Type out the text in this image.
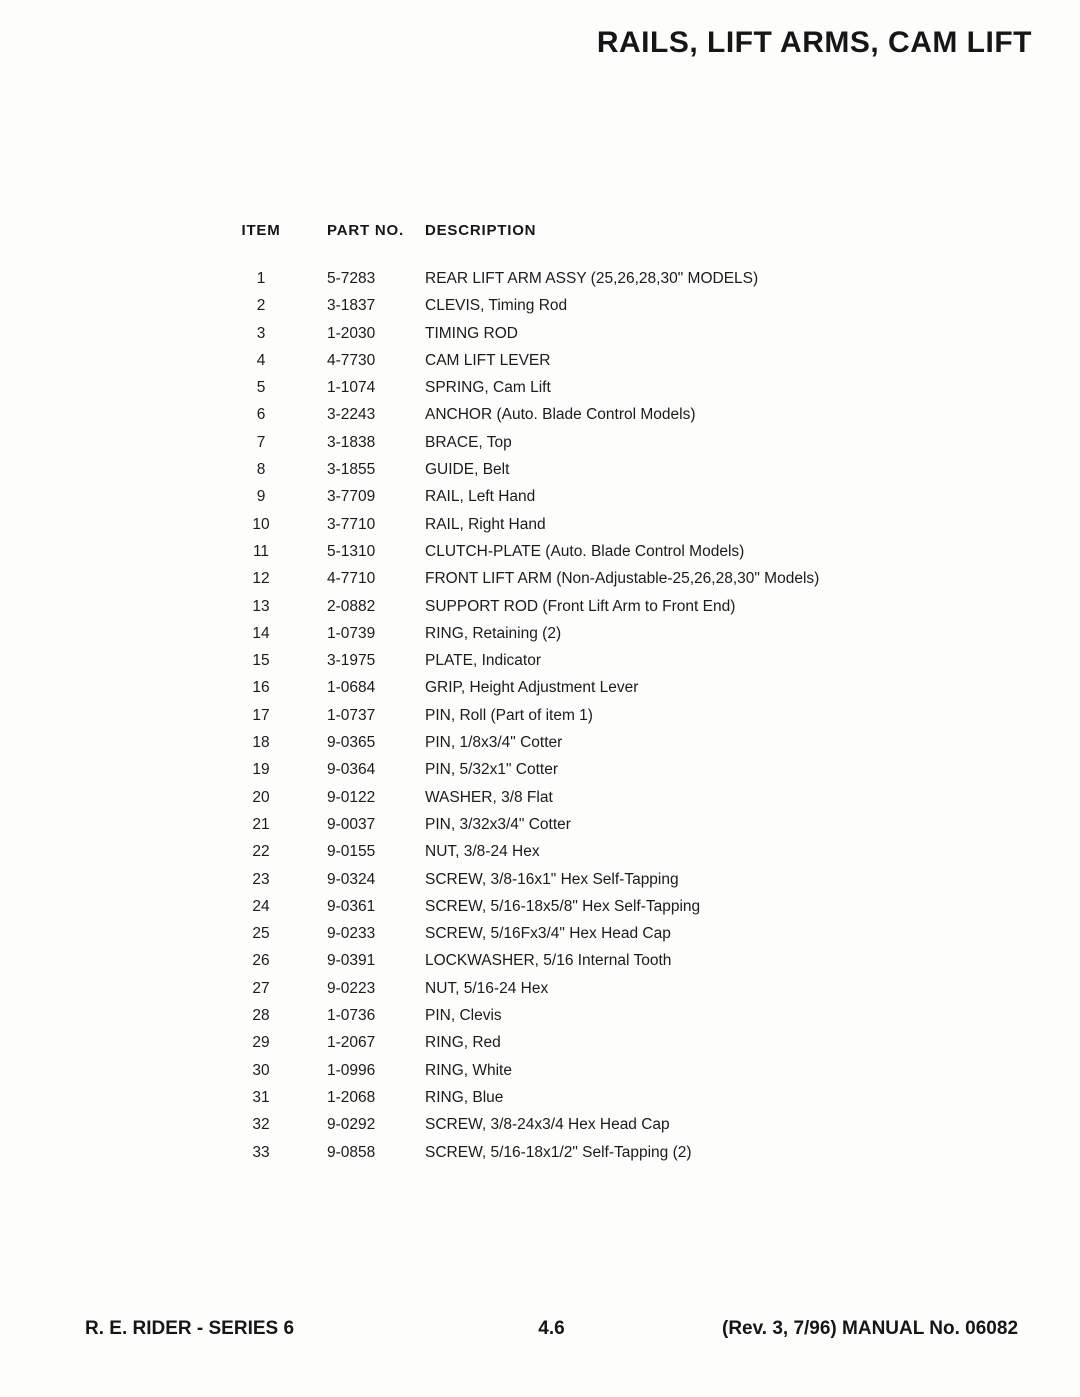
RAILS, LIFT ARMS, CAM LIFT
ITEM	PART NO. DESCRIPTION
1	5-7283	REAR LIFT ARM ASSY (25,26,28,30" MODELS)
2	3-1837	CLEVIS, Timing Rod
3	1-2030	TIMING ROD
4	4-7730	CAM LIFT LEVER
5	1-1074	SPRING, Cam Lift
6	3-2243	ANCHOR (Auto. Blade Control Models)
7	3-1838	BRACE, Top
8	3-1855	GUIDE, Belt
9	3-7709	RAIL, Left Hand
10	3-7710	RAIL, Right Hand
11	5-1310	CLUTCH-PLATE (Auto. Blade Control Models)
12	4-7710	FRONT LIFT ARM (Non-Adjustable-25,26,28,30" Models)
13	2-0882	SUPPORT ROD (Front Lift Arm to Front End)
14	1-0739	RING, Retaining (2)
15	3-1975	PLATE, Indicator
16	1-0684	GRIP, Height Adjustment Lever
17	1-0737	PIN, Roll (Part of item 1)
18	9-0365	PIN, 1/8x3/4" Cotter
19	9-0364	PIN, 5/32x1" Cotter
20	9-0122	WASHER, 3/8 Flat
21	9-0037	PIN, 3/32x3/4" Cotter
22	9-0155	NUT, 3/8-24 Hex
23	9-0324	SCREW, 3/8-16x1" Hex Self-Tapping
24	9-0361	SCREW, 5/16-18x5/8" Hex Self-Tapping
25	9-0233	SCREW, 5/16Fx3/4" Hex Head Cap
26	9-0391	LOCKWASHER, 5/16 Internal Tooth
27	9-0223	NUT, 5/16-24 Hex
28	1-0736	PIN, Clevis
29	1-2067	RING, Red
30	1-0996	RING, White
31	1-2068	RING, Blue
32	9-0292	SCREW, 3/8-24x3/4 Hex Head Cap
33	9-0858	SCREW, 5/16-18x1/2" Self-Tapping (2)
R. E. RIDER - SERIES 6	4.6	(Rev. 3, 7/96) MANUAL No. 06082
